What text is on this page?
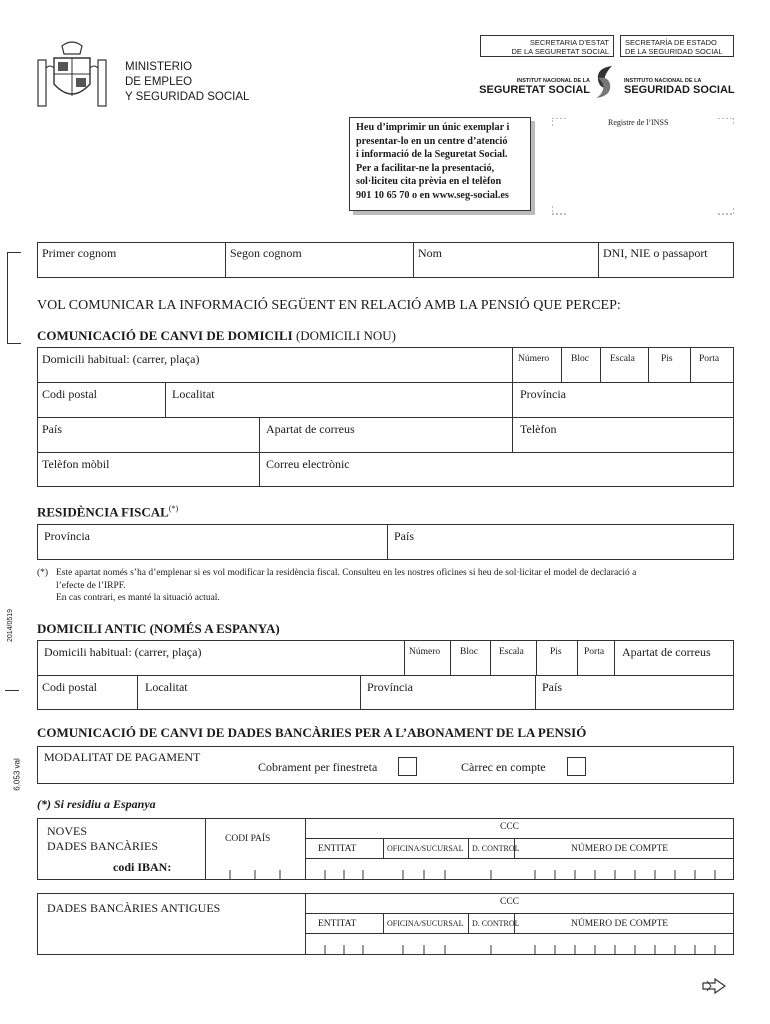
MINISTERIO
DE EMPLEO
Y SEGURIDAD SOCIAL
SECRETARIA D’ESTAT
DE LA SEGURETAT SOCIAL
SECRETARÍA DE ESTADO
DE LA SEGURIDAD SOCIAL
INSTITUT NACIONAL DE LA
SEGURETAT SOCIAL
INSTITUTO NACIONAL DE LA
SEGURIDAD SOCIAL
Heu d’imprimir un únic exemplar i
presentar-lo en un centre d’atenció
i informació de la Seguretat Social.
Per a facilitar-ne la presentació,
sol·liciteu cita prèvia en el telèfon
901 10 65 70 o en www.seg-social.es
Registre de l’INSS
Primer cognom	Segon cognom	Nom	DNI, NIE o passaport
VOL COMUNICAR LA INFORMACIÓ SEGÜENT EN RELACIÓ AMB LA PENSIÓ QUE PERCEP:
COMUNICACIÓ DE CANVI DE DOMICILI (DOMICILI NOU)
Domicili habitual: (carrer, plaça)	Número Bloc Escala	Pis	Porta
Codi postal	Localitat	Província
País	Apartat de correus	Telèfon
Telèfon mòbil	Correu electrònic
RESIDÈNCIA FISCAL(*)
Província	País
(*) Este apartat només s’ha d’emplenar si es vol modificar la residència fiscal. Consulteu en les nostres oficines si heu de sol·licitar el model de declaració a
l’efecte de l’IRPF.
En cas contrari, es manté la situació actual.
2014/0519
6.053 val
DOMICILI ANTIC (NOMÉS A ESPANYA)
Domicili habitual: (carrer, plaça)	Número Bloc Escala	Pis Porta Apartat de correus
Codi postal	Localitat	Província	País
COMUNICACIÓ DE CANVI DE DADES BANCÀRIES PER A L’ABONAMENT DE LA PENSIÓ
MODALITAT DE PAGAMENT
Cobrament per finestreta	Càrrec en compte
(*) Si residiu a Espanya
NOVES
DADES BANCÀRIES
codi IBAN:
CODI PAÍS
CCC
ENTITAT	OFICINA/SUCURSAL D. CONTROL	NÚMERO DE COMPTE
DADES BANCÀRIES ANTIGUES	CCC
ENTITAT	OFICINA/SUCURSAL D. CONTROL	NÚMERO DE COMPTE
